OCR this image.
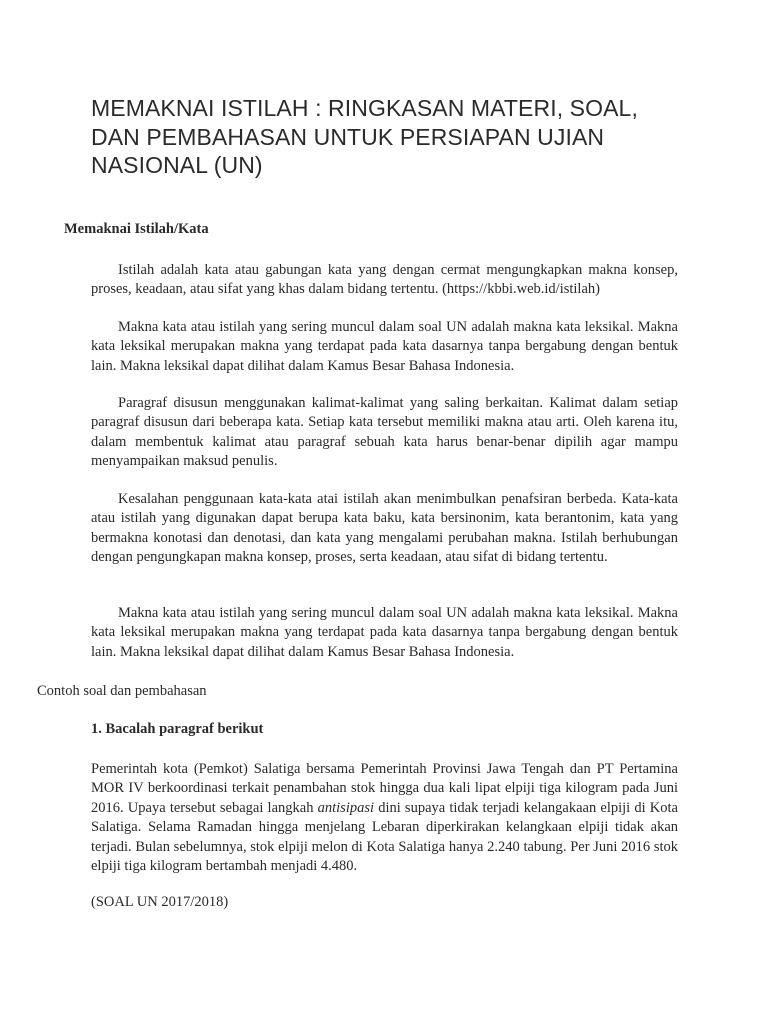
MEMAKNAI ISTILAH : RINGKASAN MATERI, SOAL, DAN PEMBAHASAN UNTUK PERSIAPAN UJIAN NASIONAL (UN)

Memaknai Istilah/Kata

Istilah adalah kata atau gabungan kata yang dengan cermat mengungkapkan makna konsep, proses, keadaan, atau sifat yang khas dalam bidang tertentu. (https://kbbi.web.id/istilah)

Makna kata atau istilah yang sering muncul dalam soal UN adalah makna kata leksikal. Makna kata leksikal merupakan makna yang terdapat pada kata dasarnya tanpa bergabung dengan bentuk lain. Makna leksikal dapat dilihat dalam Kamus Besar Bahasa Indonesia.

Paragraf disusun menggunakan kalimat-kalimat yang saling berkaitan. Kalimat dalam setiap paragraf disusun dari beberapa kata. Setiap kata tersebut memiliki makna atau arti. Oleh karena itu, dalam membentuk kalimat atau paragraf sebuah kata harus benar-benar dipilih agar mampu menyampaikan maksud penulis.

Kesalahan penggunaan kata-kata atai istilah akan menimbulkan penafsiran berbeda. Kata-kata atau istilah yang digunakan dapat berupa kata baku, kata bersinonim, kata berantonim, kata yang bermakna konotasi dan denotasi, dan kata yang mengalami perubahan makna. Istilah berhubungan dengan pengungkapan makna konsep, proses, serta keadaan, atau sifat di bidang tertentu.

Makna kata atau istilah yang sering muncul dalam soal UN adalah makna kata leksikal. Makna kata leksikal merupakan makna yang terdapat pada kata dasarnya tanpa bergabung dengan bentuk lain. Makna leksikal dapat dilihat dalam Kamus Besar Bahasa Indonesia.

Contoh soal dan pembahasan

1. Bacalah paragraf berikut

Pemerintah kota (Pemkot) Salatiga bersama Pemerintah Provinsi Jawa Tengah dan PT Pertamina MOR IV berkoordinasi terkait penambahan stok hingga dua kali lipat elpiji tiga kilogram pada Juni 2016. Upaya tersebut sebagai langkah antisipasi dini supaya tidak terjadi kelangakaan elpiji di Kota Salatiga. Selama Ramadan hingga menjelang Lebaran diperkirakan kelangkaan elpiji tidak akan terjadi. Bulan sebelumnya, stok elpiji melon di Kota Salatiga hanya 2.240 tabung. Per Juni 2016 stok elpiji tiga kilogram bertambah menjadi 4.480.

(SOAL UN 2017/2018)
